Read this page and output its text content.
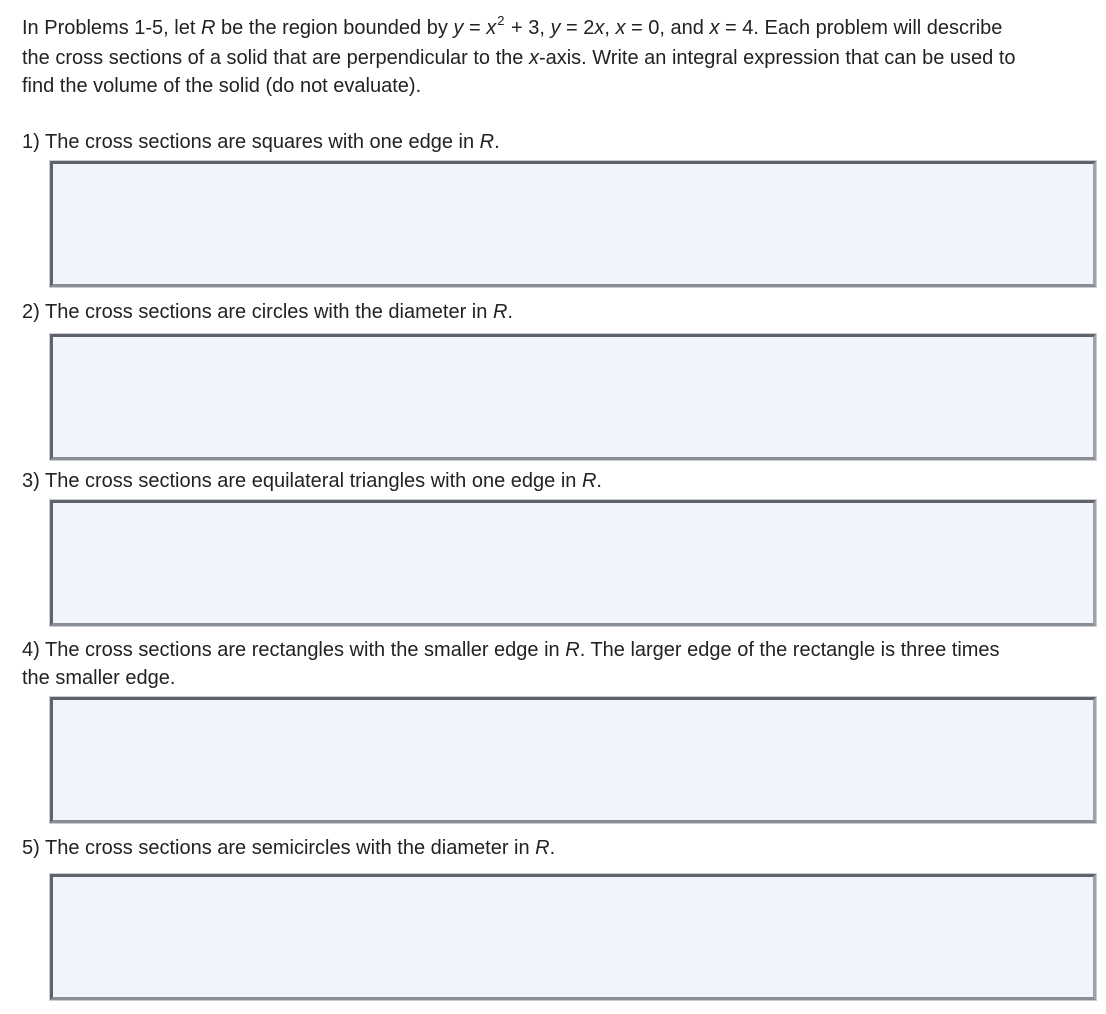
In Problems 1-5, let R be the region bounded by $y = x^2 + 3$, y = 2x, x = 0, and x = 4. Each problem will describe the cross sections of a solid that are perpendicular to the x-axis. Write an integral expression that can be used to find the volume of the solid (do not evaluate).

1) The cross sections are squares with one edge in R.

2) The cross sections are circles with the diameter in R.

3) The cross sections are equilateral triangles with one edge in R.

4) The cross sections are rectangles with the smaller edge in R. The larger edge of the rectangle is three times the smaller edge.

5) The cross sections are semicircles with the diameter in R.
